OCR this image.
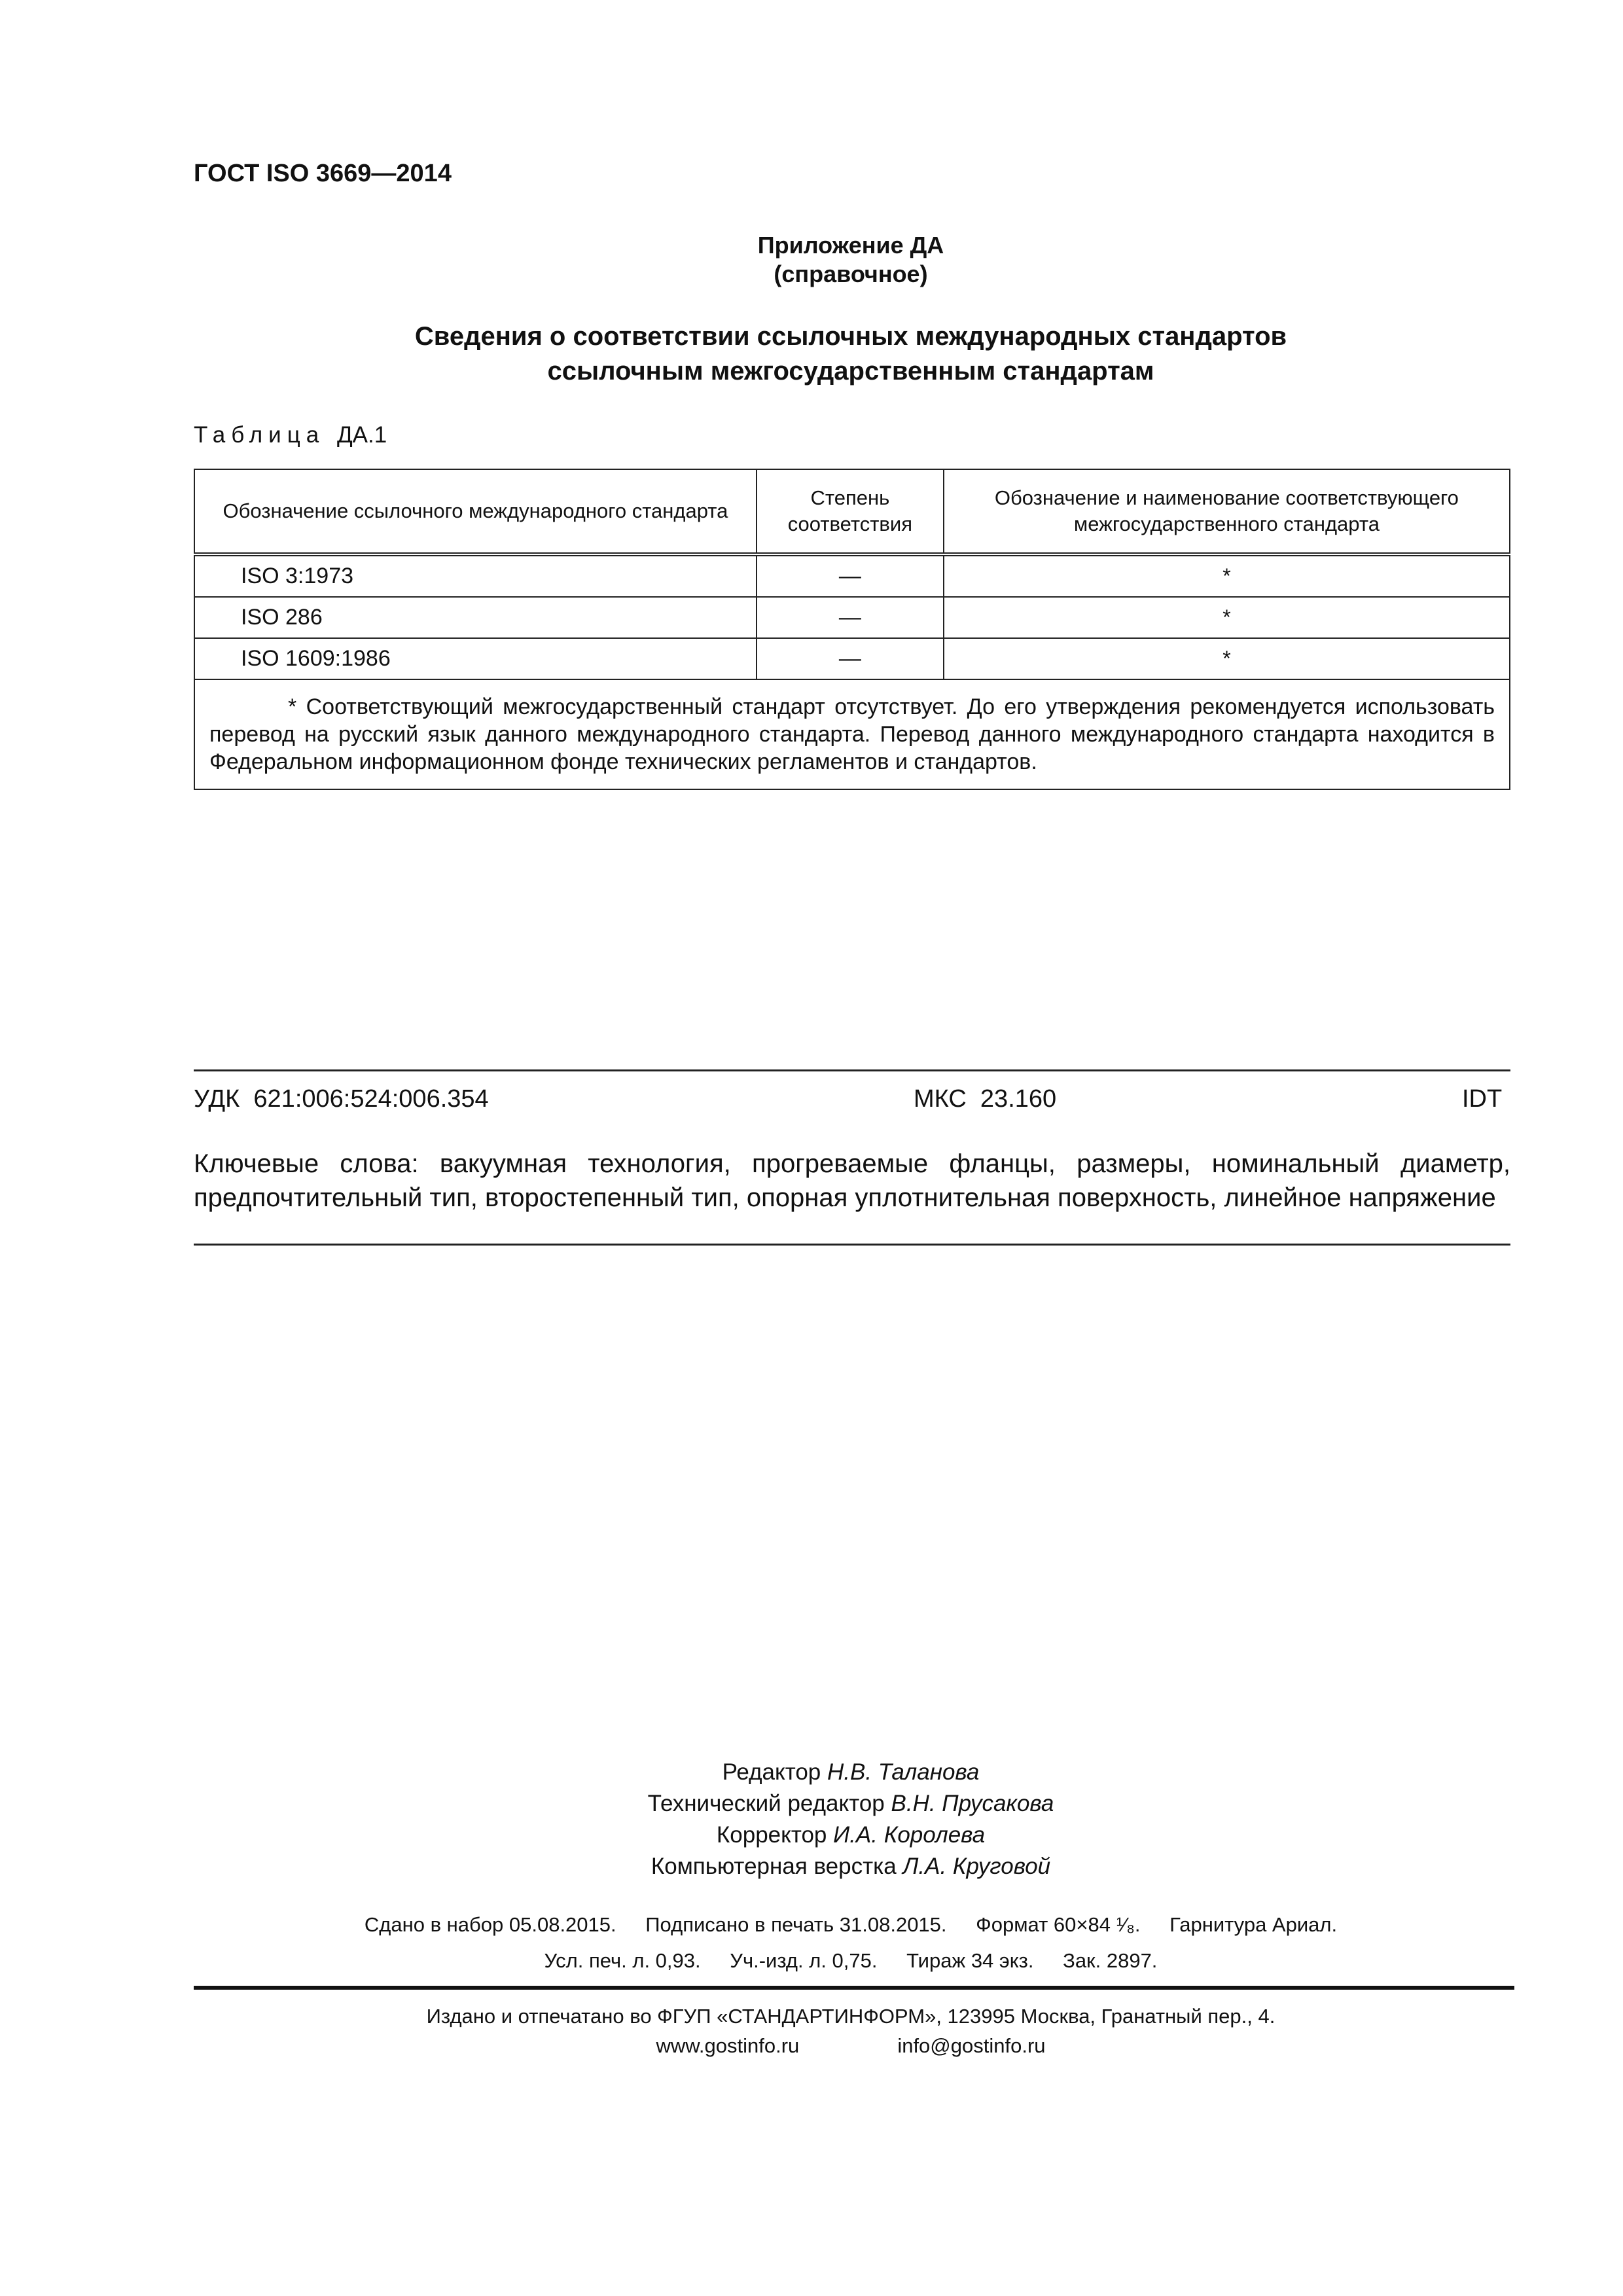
ГОСТ ISO 3669—2014
Приложение ДА
(справочное)
Сведения о соответствии ссылочных международных стандартов
ссылочным межгосударственным стандартам
Таблица ДА.1
Обозначение ссылочного международного стандарта	Степень соответствия	Обозначение и наименование соответствующего межгосударственного стандарта
ISO 3:1973	—	*
ISO 286	—	*
ISO 1609:1986	—	*
* Соответствующий межгосударственный стандарт отсутствует. До его утверждения рекомендуется использовать перевод на русский язык данного международного стандарта. Перевод данного международного стандарта находится в Федеральном информационном фонде технических регламентов и стандартов.		
УДК  621:006:524:006.354	МКС  23.160	IDT
Ключевые слова: вакуумная технология, прогреваемые фланцы, размеры, номинальный диаметр, предпочтительный тип, второстепенный тип, опорная уплотнительная поверхность, линейное напряжение
Редактор Н.В. Таланова
Технический редактор В.Н. Прусакова
Корректор И.А. Королева
Компьютерная верстка Л.А. Круговой
Сдано в набор 05.08.2015. Подписано в печать 31.08.2015. Формат 60×84 ¹⁄₈. Гарнитура Ариал.
Усл. печ. л. 0,93. Уч.-изд. л. 0,75. Тираж 34 экз. Зак. 2897.
Издано и отпечатано во ФГУП «СТАНДАРТИНФОРМ», 123995 Москва, Гранатный пер., 4.
www.gostinfo.ru	info@gostinfo.ru
